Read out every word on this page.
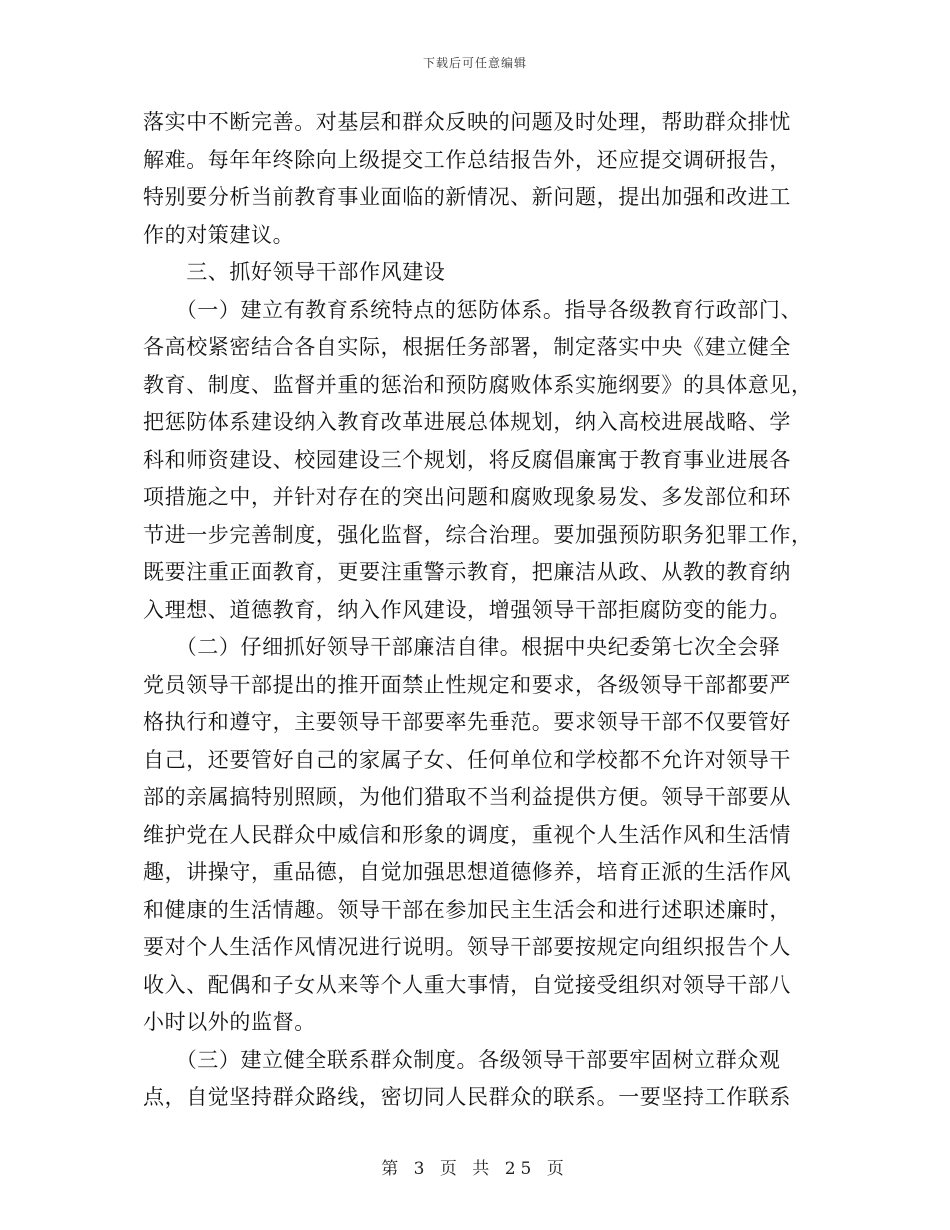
下载后可任意编辑
落实中不断完善。对基层和群众反映的问题及时处理，帮助群众排忧
解难。每年年终除向上级提交工作总结报告外，还应提交调研报告，
特别要分析当前教育事业面临的新情况、新问题，提出加强和改进工
作的对策建议。
　　三、抓好领导干部作风建设
　　（一）建立有教育系统特点的惩防体系。指导各级教育行政部门、
各高校紧密结合各自实际，根据任务部署，制定落实中央《建立健全
教育、制度、监督并重的惩治和预防腐败体系实施纲要》的具体意见，
把惩防体系建设纳入教育改革进展总体规划，纳入高校进展战略、学
科和师资建设、校园建设三个规划，将反腐倡廉寓于教育事业进展各
项措施之中，并针对存在的突出问题和腐败现象易发、多发部位和环
节进一步完善制度，强化监督，综合治理。要加强预防职务犯罪工作，
既要注重正面教育，更要注重警示教育，把廉洁从政、从教的教育纳
入理想、道德教育，纳入作风建设，增强领导干部拒腐防变的能力。
　　（二）仔细抓好领导干部廉洁自律。根据中央纪委第七次全会驿
党员领导干部提出的推开面禁止性规定和要求，各级领导干部都要严
格执行和遵守，主要领导干部要率先垂范。要求领导干部不仅要管好
自己，还要管好自己的家属子女、任何单位和学校都不允许对领导干
部的亲属搞特别照顾，为他们猎取不当利益提供方便。领导干部要从
维护党在人民群众中威信和形象的调度，重视个人生活作风和生活情
趣，讲操守，重品德，自觉加强思想道德修养，培育正派的生活作风
和健康的生活情趣。领导干部在参加民主生活会和进行述职述廉时，
要对个人生活作风情况进行说明。领导干部要按规定向组织报告个人
收入、配偶和子女从来等个人重大事情，自觉接受组织对领导干部八
小时以外的监督。
　　（三）建立健全联系群众制度。各级领导干部要牢固树立群众观
点，自觉坚持群众路线，密切同人民群众的联系。一要坚持工作联系
第 3 页 共 25 页
